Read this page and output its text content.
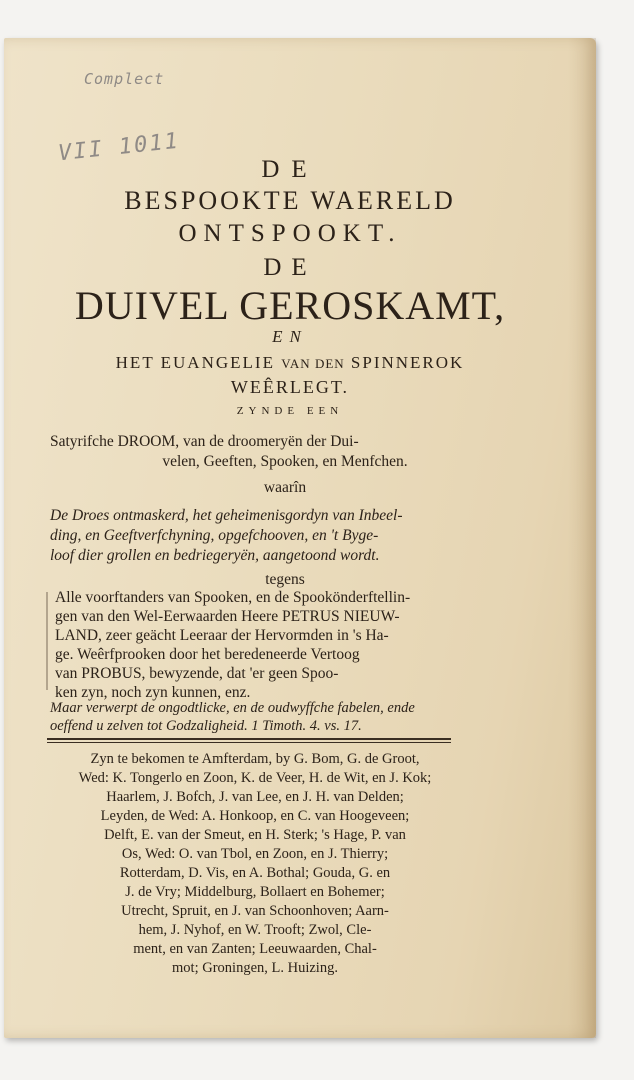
Complect
VII 1011
DE
BESPOOKTE WAERELD
ONTSPOOKT.
DE
DUIVEL GEROSKAMT,
EN
HET EUANGELIE VAN DEN SPINNEROK
WEÊRLEGT.
ZYNDE EEN
Satyrifche DROOM, van de droomeryën der Dui-
velen, Geeften, Spooken, en Menfchen.
waarîn
De Droes ontmaskerd, het geheimenisgordyn van Inbeel-
ding, en Geeftverfchyning, opgefchooven, en 't Byge-
loof dier grollen en bedriegeryën, aangetoond wordt.
tegens
Alle voorftanders van Spooken, en de Spookönderftellin-
gen van den Wel-Eerwaarden Heere PETRUS NIEUW-
LAND, zeer geächt Leeraar der Hervormden in 's Ha-
ge. Weêrfprooken door het beredeneerde Vertoog
van PROBUS, bewyzende, dat 'er geen Spoo-
ken zyn, noch zyn kunnen, enz.
Maar verwerpt de ongodtlicke, en de oudwyffche fabelen, ende
oeffend u zelven tot Godzaligheid. 1 Timoth. 4. vs. 17.
Zyn te bekomen te Amfterdam, by G. Bom, G. de Groot,
Wed: K. Tongerlo en Zoon, K. de Veer, H. de Wit, en J. Kok;
Haarlem, J. Bofch, J. van Lee, en J. H. van Delden;
Leyden, de Wed: A. Honkoop, en C. van Hoogeveen;
Delft, E. van der Smeut, en H. Sterk; 's Hage, P. van
Os, Wed: O. van Tbol, en Zoon, en J. Thierry;
Rotterdam, D. Vis, en A. Bothal; Gouda, G. en
J. de Vry; Middelburg, Bollaert en Bohemer;
Utrecht, Spruit, en J. van Schoonhoven; Aarn-
hem, J. Nyhof, en W. Trooft; Zwol, Cle-
ment, en van Zanten; Leeuwaarden, Chal-
mot; Groningen, L. Huizing.
